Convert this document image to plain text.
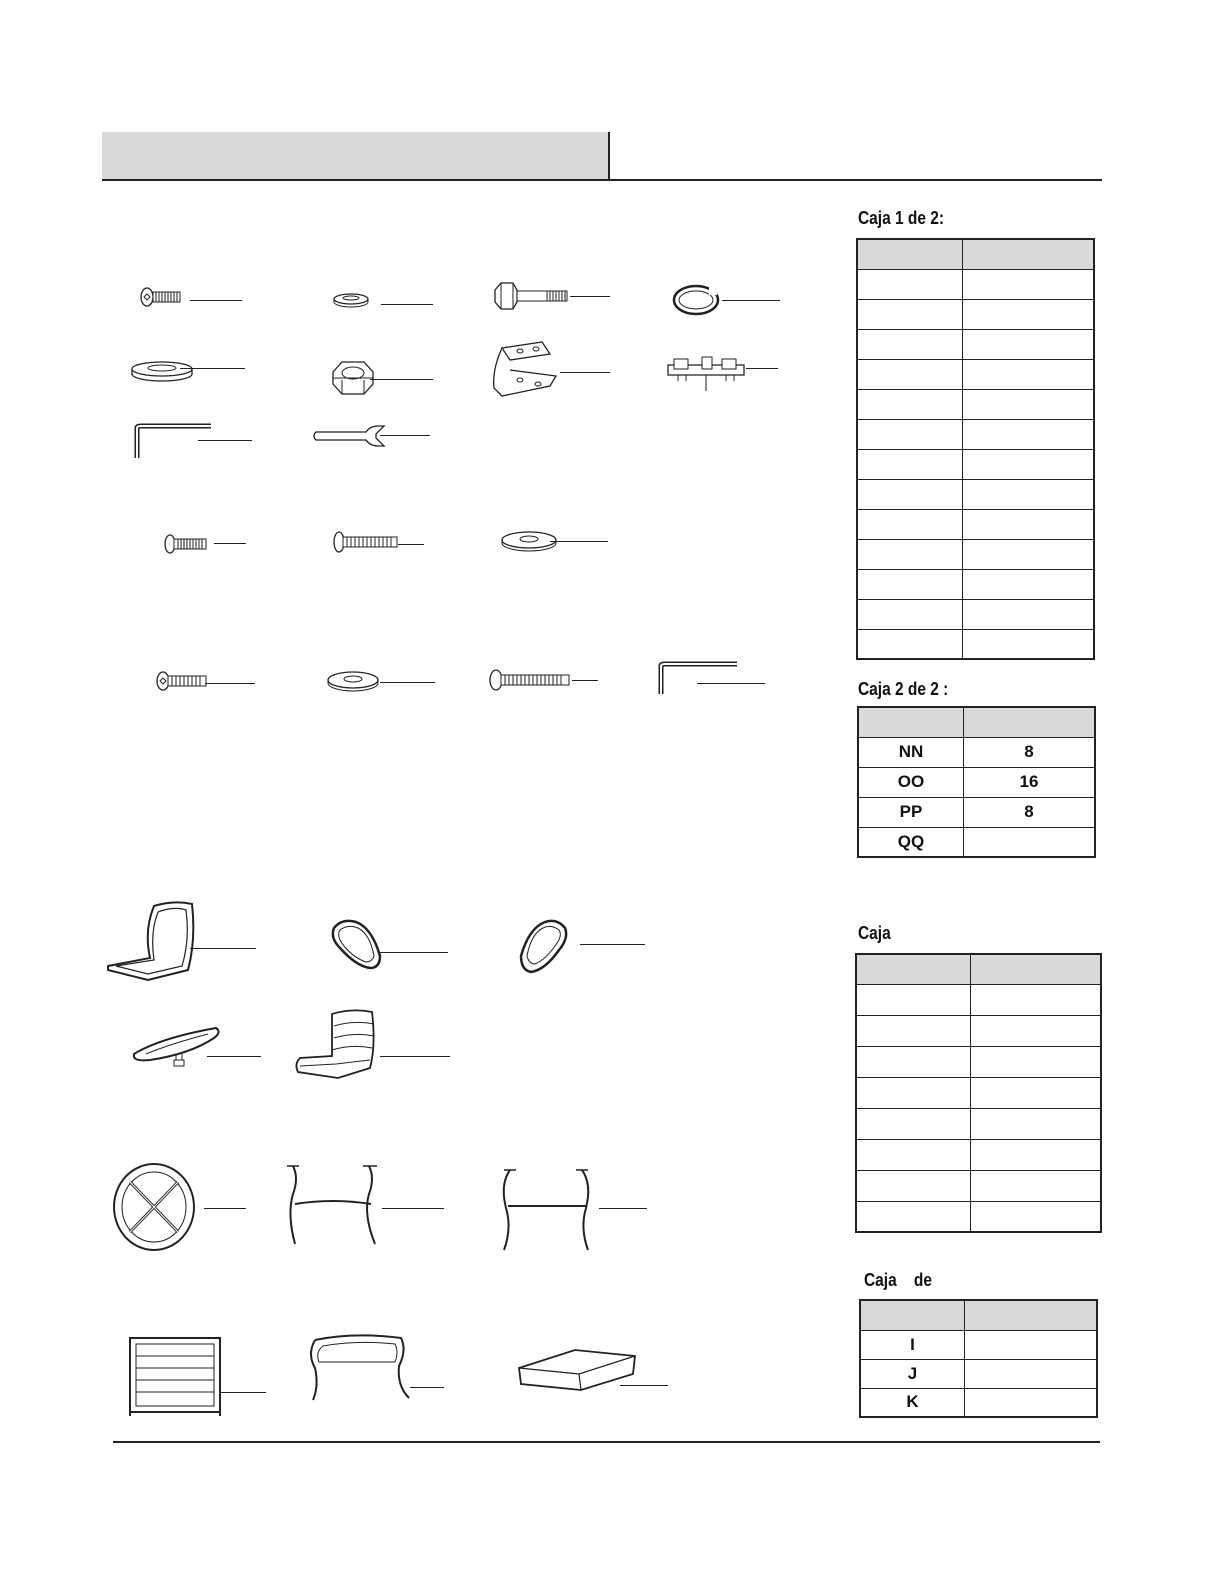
Caja 1 de 2:

Caja 2 de 2 :

NN	8
OO	16
PP	8
QQ	
Caja

Caja de

I	
J	
K	
